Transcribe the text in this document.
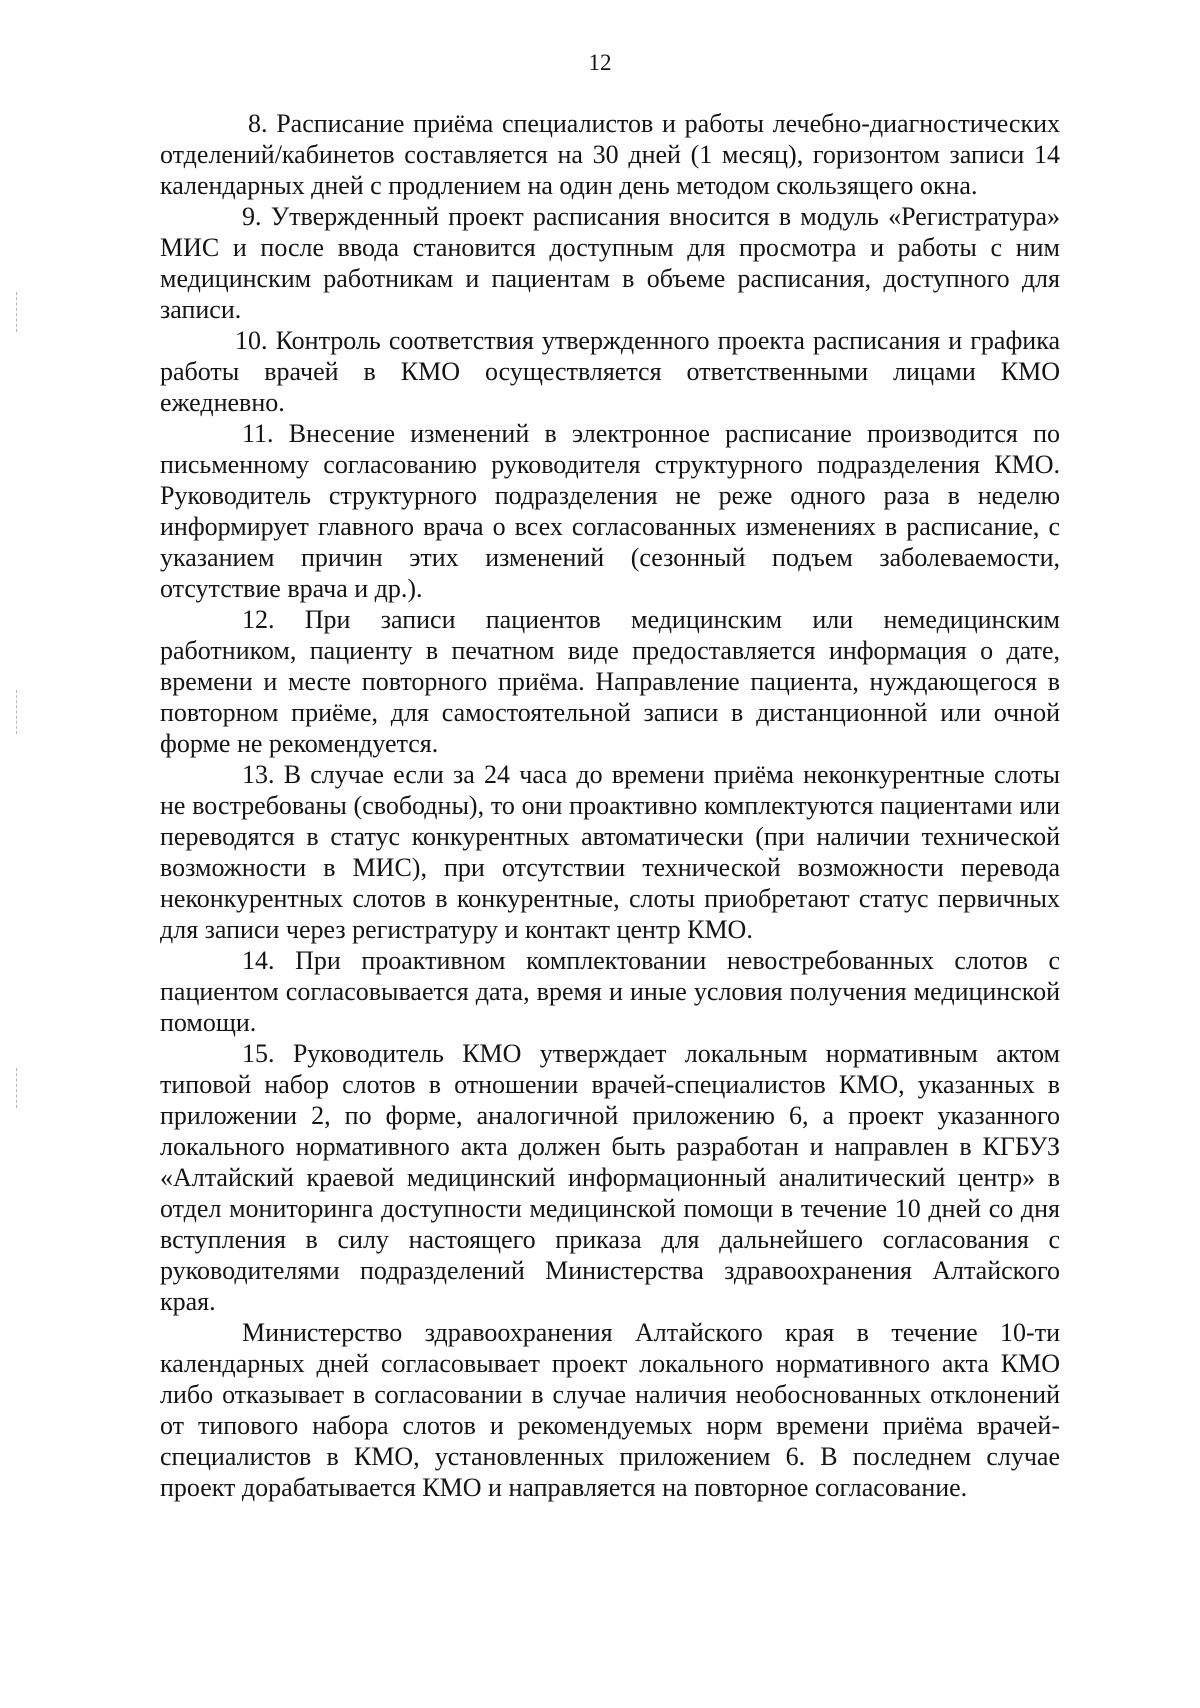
12

8. Расписание приёма специалистов и работы лечебно-диагностических отделений/кабинетов составляется на 30 дней (1 месяц), горизонтом записи 14 календарных дней с продлением на один день методом скользящего окна.

9. Утвержденный проект расписания вносится в модуль «Регистратура» МИС и после ввода становится доступным для просмотра и работы с ним медицинским работникам и пациентам в объеме расписания, доступного для записи.

10. Контроль соответствия утвержденного проекта расписания и графика работы врачей в КМО осуществляется ответственными лицами КМО ежедневно.

11. Внесение изменений в электронное расписание производится по письменному согласованию руководителя структурного подразделения КМО. Руководитель структурного подразделения не реже одного раза в неделю информирует главного врача о всех согласованных изменениях в расписание, с указанием причин этих изменений (сезонный подъем заболеваемости, отсутствие врача и др.).

12. При записи пациентов медицинским или немедицинским работником, пациенту в печатном виде предоставляется информация о дате, времени и месте повторного приёма. Направление пациента, нуждающегося в повторном приёме, для самостоятельной записи в дистанционной или очной форме не рекомендуется.

13. В случае если за 24 часа до времени приёма неконкурентные слоты не востребованы (свободны), то они проактивно комплектуются пациентами или переводятся в статус конкурентных автоматически (при наличии технической возможности в МИС), при отсутствии технической возможности перевода неконкурентных слотов в конкурентные, слоты приобретают статус первичных для записи через регистратуру и контакт центр КМО.

14. При проактивном комплектовании невостребованных слотов с пациентом согласовывается дата, время и иные условия получения медицинской помощи.

15. Руководитель КМО утверждает локальным нормативным актом типовой набор слотов в отношении врачей-специалистов КМО, указанных в приложении 2, по форме, аналогичной приложению 6, а проект указанного локального нормативного акта должен быть разработан и направлен в КГБУЗ «Алтайский краевой медицинский информационный аналитический центр» в отдел мониторинга доступности медицинской помощи в течение 10 дней со дня вступления в силу настоящего приказа для дальнейшего согласования с руководителями подразделений Министерства здравоохранения Алтайского края.

Министерство здравоохранения Алтайского края в течение 10-ти календарных дней согласовывает проект локального нормативного акта КМО либо отказывает в согласовании в случае наличия необоснованных отклонений от типового набора слотов и рекомендуемых норм времени приёма врачей-специалистов в КМО, установленных приложением 6. В последнем случае проект дорабатывается КМО и направляется на повторное согласование.
